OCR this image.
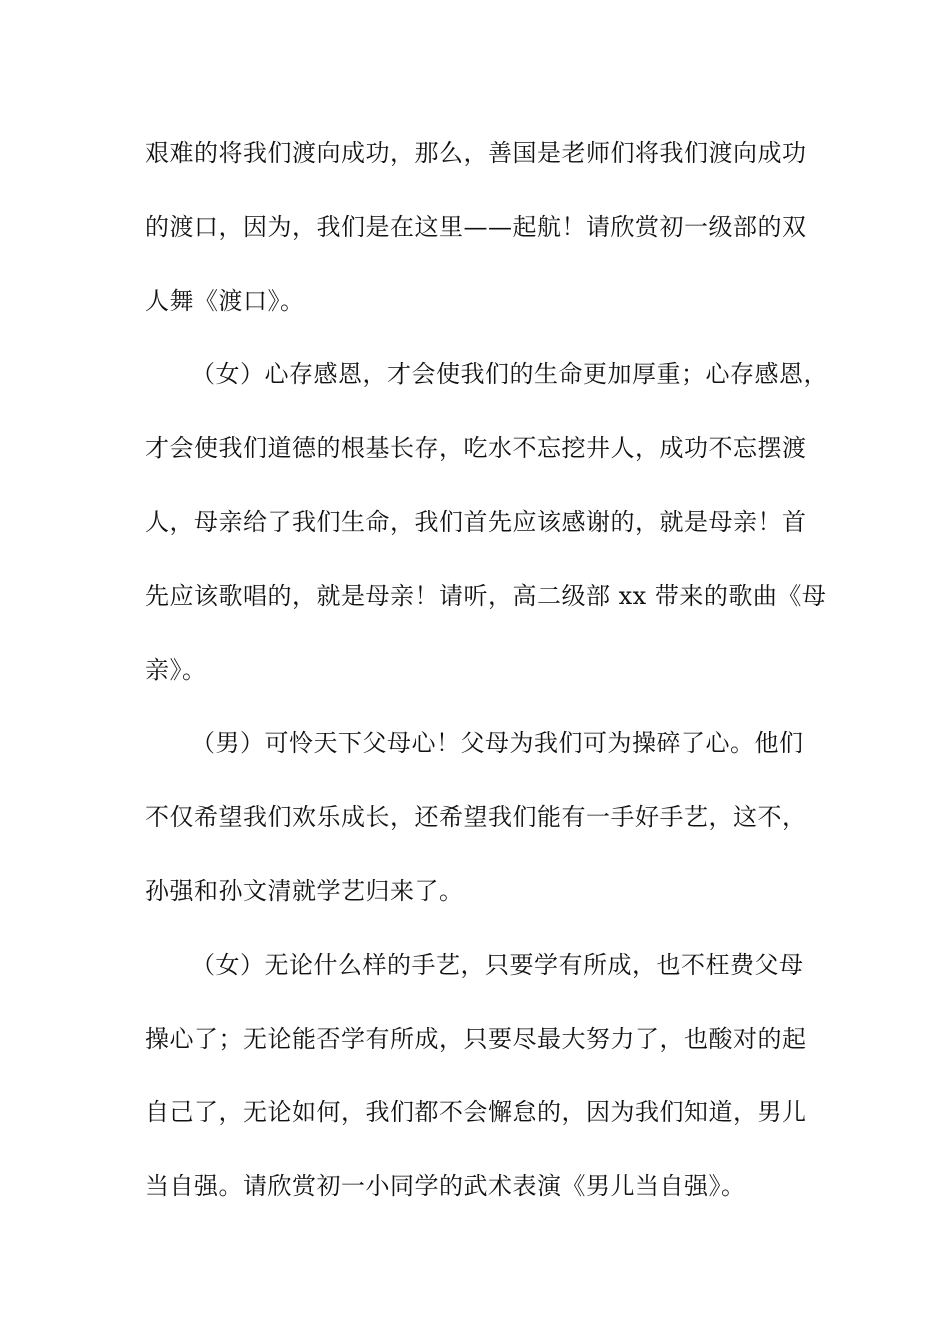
艰难的将我们渡向成功，那么，善国是老师们将我们渡向成功
的渡口，因为，我们是在这里——起航！请欣赏初一级部的双
人舞《渡口》。
（女）心存感恩，才会使我们的生命更加厚重；心存感恩，
才会使我们道德的根基长存，吃水不忘挖井人，成功不忘摆渡
人，母亲给了我们生命，我们首先应该感谢的，就是母亲！首
先应该歌唱的，就是母亲！请听，高二级部 xx 带来的歌曲《母
亲》。
（男）可怜天下父母心！父母为我们可为操碎了心。他们
不仅希望我们欢乐成长，还希望我们能有一手好手艺，这不，
孙强和孙文清就学艺归来了。
（女）无论什么样的手艺，只要学有所成，也不枉费父母
操心了；无论能否学有所成，只要尽最大努力了，也酸对的起
自己了，无论如何，我们都不会懈怠的，因为我们知道，男儿
当自强。请欣赏初一小同学的武术表演《男儿当自强》。
